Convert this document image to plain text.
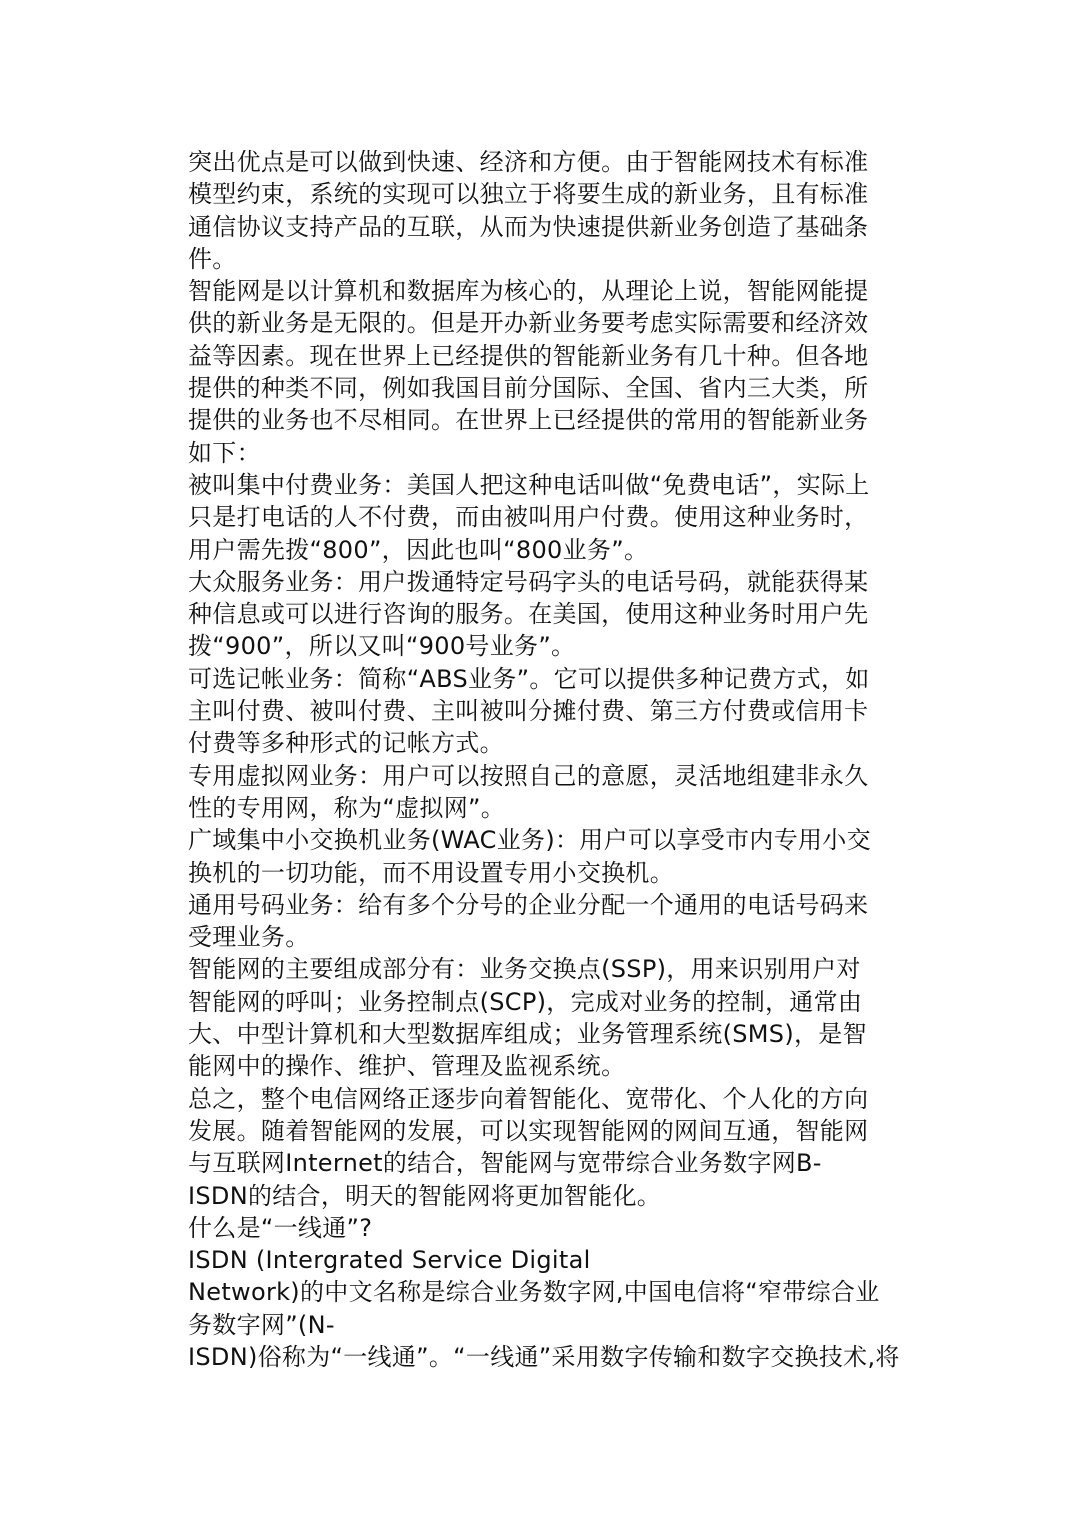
突出优点是可以做到快速、经济和方便。由于智能网技术有标准
模型约束，系统的实现可以独立于将要生成的新业务，且有标准
通信协议支持产品的互联，从而为快速提供新业务创造了基础条
件。
智能网是以计算机和数据库为核心的，从理论上说，智能网能提
供的新业务是无限的。但是开办新业务要考虑实际需要和经济效
益等因素。现在世界上已经提供的智能新业务有几十种。但各地
提供的种类不同，例如我国目前分国际、全国、省内三大类，所
提供的业务也不尽相同。在世界上已经提供的常用的智能新业务
如下：
被叫集中付费业务：美国人把这种电话叫做“免费电话”，实际上
只是打电话的人不付费，而由被叫用户付费。使用这种业务时，
用户需先拨“800”，因此也叫“800业务”。
大众服务业务：用户拨通特定号码字头的电话号码，就能获得某
种信息或可以进行咨询的服务。在美国，使用这种业务时用户先
拨“900”，所以又叫“900号业务”。
可选记帐业务：简称“ABS业务”。它可以提供多种记费方式，如
主叫付费、被叫付费、主叫被叫分摊付费、第三方付费或信用卡
付费等多种形式的记帐方式。
专用虚拟网业务：用户可以按照自己的意愿，灵活地组建非永久
性的专用网，称为“虚拟网”。
广域集中小交换机业务(WAC业务)：用户可以享受市内专用小交
换机的一切功能，而不用设置专用小交换机。
通用号码业务：给有多个分号的企业分配一个通用的电话号码来
受理业务。
智能网的主要组成部分有：业务交换点(SSP)，用来识别用户对
智能网的呼叫；业务控制点(SCP)，完成对业务的控制，通常由
大、中型计算机和大型数据库组成；业务管理系统(SMS)，是智
能网中的操作、维护、管理及监视系统。
总之，整个电信网络正逐步向着智能化、宽带化、个人化的方向
发展。随着智能网的发展，可以实现智能网的网间互通，智能网
与互联网Internet的结合，智能网与宽带综合业务数字网B-
ISDN的结合，明天的智能网将更加智能化。
什么是“一线通”?
ISDN (Intergrated Service Digital
Network)的中文名称是综合业务数字网,中国电信将“窄带综合业
务数字网”(N-
ISDN)俗称为“一线通”。“一线通”采用数字传输和数字交换技术,将
